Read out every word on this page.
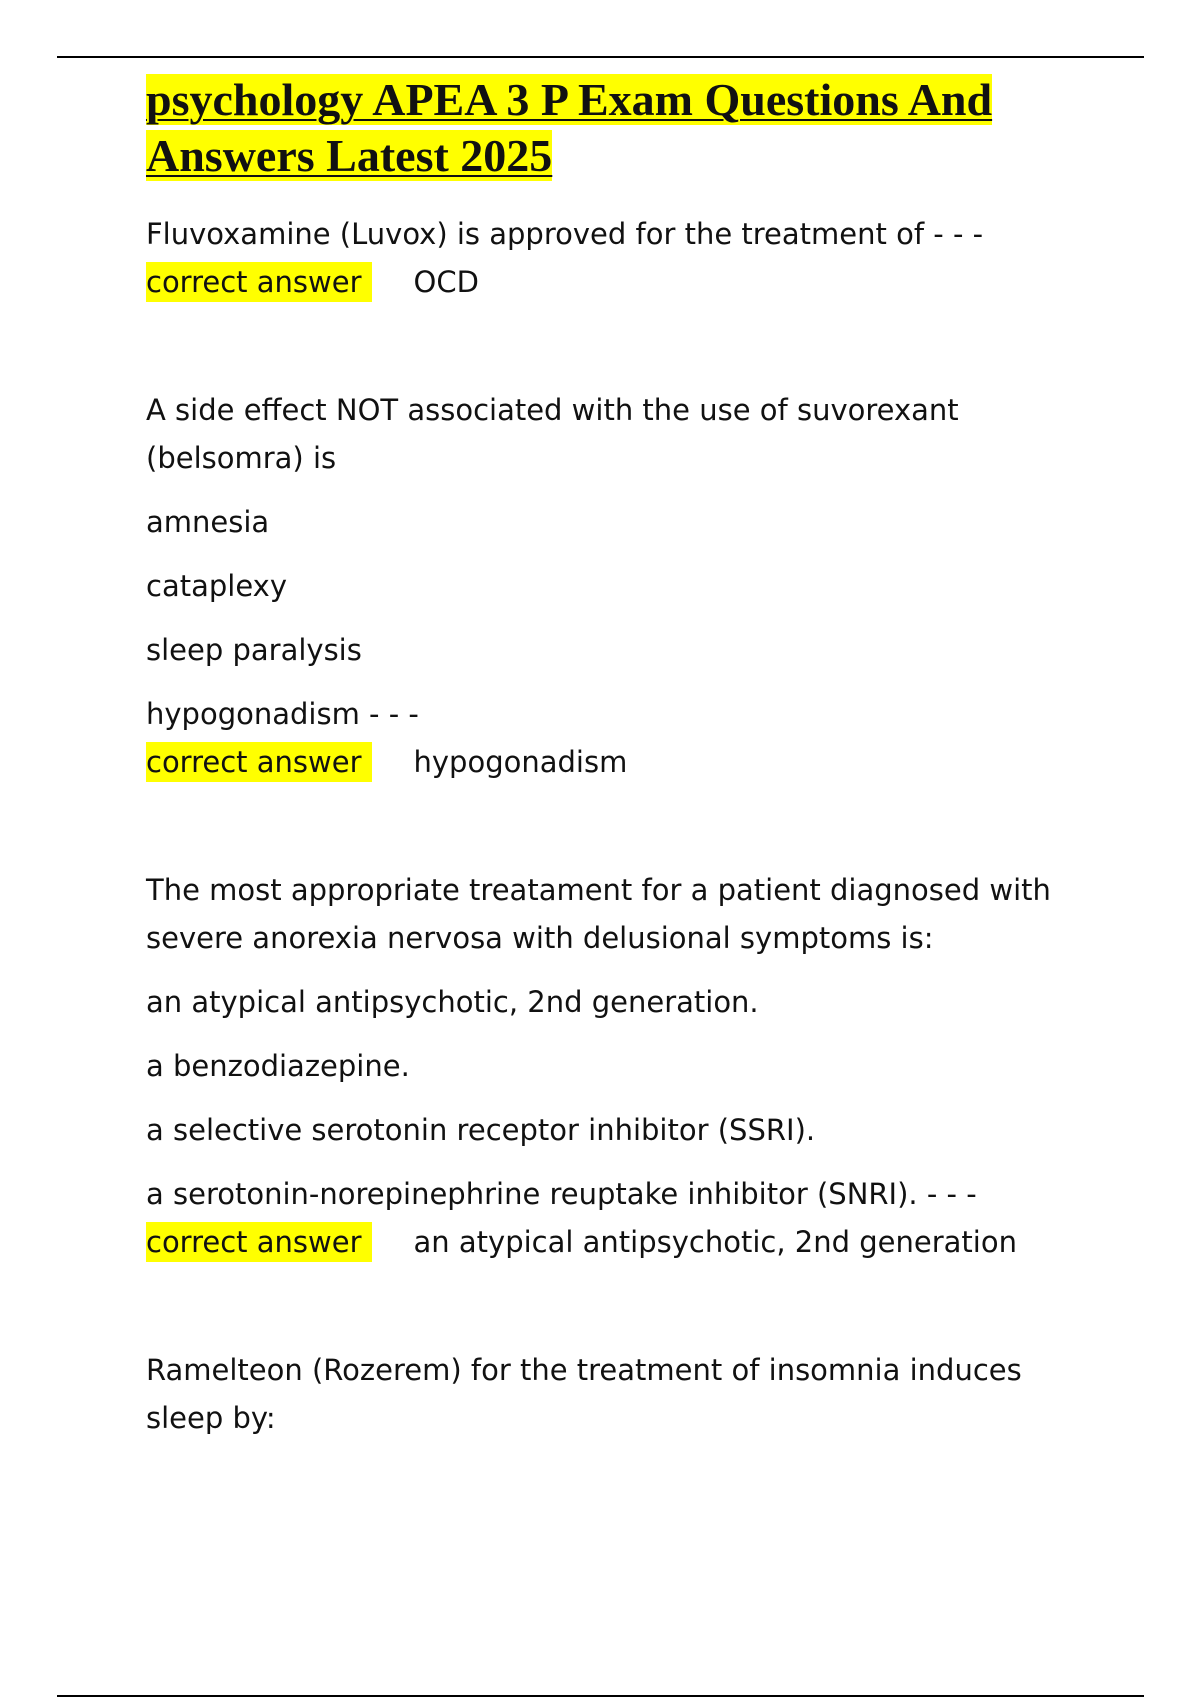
psychology APEA 3 P Exam Questions And
Answers Latest 2025

Fluvoxamine (Luvox) is approved for the treatment of - - -

correct answer	OCD

A side effect NOT associated with the use of suvorexant (belsomra) is

amnesia

cataplexy

sleep paralysis

hypogonadism - - -

correct answer	hypogonadism

The most appropriate treatament for a patient diagnosed with severe anorexia nervosa with delusional symptoms is:

an atypical antipsychotic, 2nd generation.

a benzodiazepine.

a selective serotonin receptor inhibitor (SSRI).

a serotonin-norepinephrine reuptake inhibitor (SNRI). - - -

correct answer	an atypical antipsychotic, 2nd generation

Ramelteon (Rozerem) for the treatment of insomnia induces sleep by:
